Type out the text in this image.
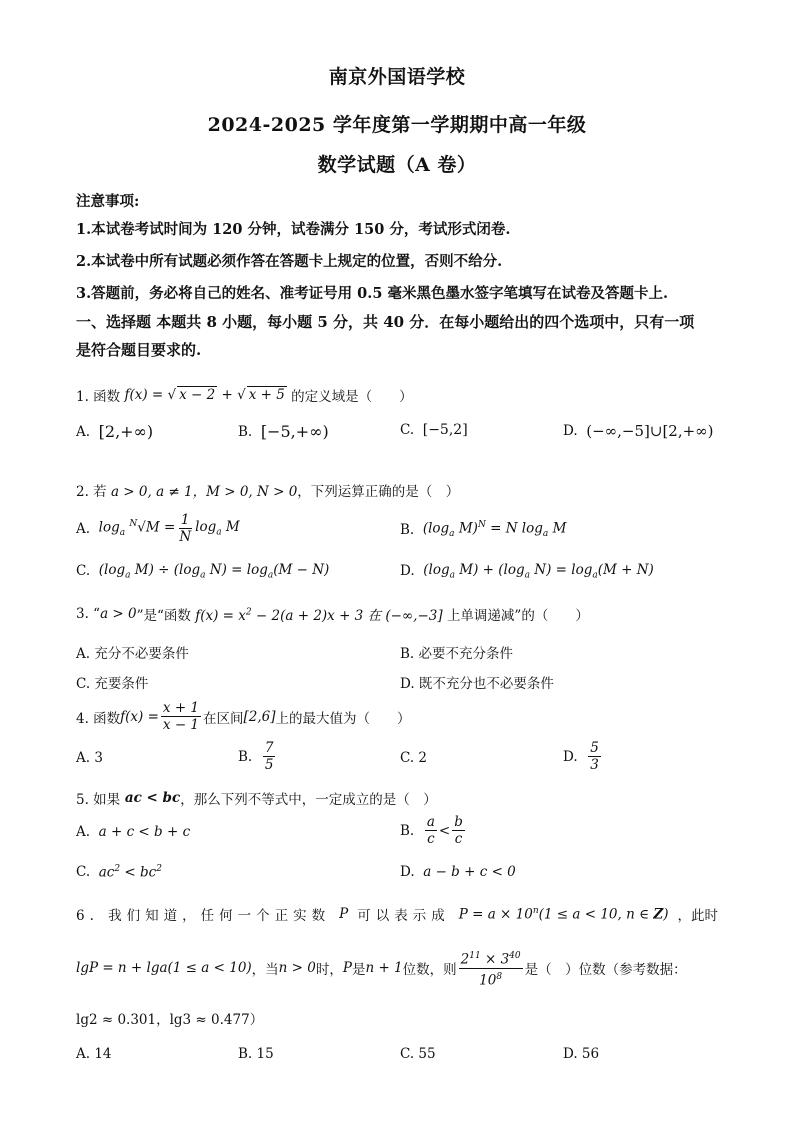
南京外国语学校
2024-2025 学年度第一学期期中高一年级
数学试题（A 卷）
注意事项:
1.本试卷考试时间为 120 分钟，试卷满分 150 分，考试形式闭卷.
2.本试卷中所有试题必须作答在答题卡上规定的位置，否则不给分.
3.答题前，务必将自己的姓名、准考证号用 0.5 毫米黑色墨水签字笔填写在试卷及答题卡上.
一、选择题 本题共 8 小题，每小题 5 分，共 40 分．在每小题给出的四个选项中，只有一项
是符合题目要求的.
1. 函数 f(x) = √ x − 2 + √ x + 5 的定义域是（　　）
A.
[2,+∞)	B.
[−5,+∞)	C.
[−5,2]	D.
(−∞,−5]∪[2,+∞)
2. 若 a > 0, a ≠ 1，M > 0, N > 0 ，下列运算正确的是（　）
A.
$\log_a ^N√M = \frac{1}{N} \log_a M$	B.
($\log_a$ M)$^N$ = N $\log_a M$
C.
($\log_a$ $M) \div (\log_a$ $N) = \log_a(M - N)$	D.
($\log_a$ $M) + (\log_a$ $N) = \log_a(M + N)$
3. “ a > 0 ”是“函数 $f(x) = x^2 - 2(a + 2)x + 3$ 在 (−∞,−3] 上单调递减”的（　　）
A. 充分不必要条件	B. 必要不充分条件
C. 充要条件	D. 既不充分也不必要条件
4. 函数 $f(x) = \frac{x + 1}{x - 1}$ 在区间 [2,6] 上的最大值为（　　）
A. 3	B.
$\frac{7}{5}$	C. 2	D.
$\frac{5}{3}$
5. 如果 ac < bc ，那么下列不等式中，一定成立的是（　）
A.
a + c < b + c	B.
$\frac{a}{c} < \frac{b}{c}$
C.
$ac^2 < bc^2$	D.
a − b + c < 0
6. 我们知道，任何一个正实数 P 可以表示成 $P = a \times 10^n(1 \le a < 10$, n ∈ Z) ，此时
lgP = n + lga(1 ≤ a < 10) ，当 n > 0 时， P 是 n + 1 位数，则 $\frac{2^{11} \times 3^{40}}{10^8}$ 是（　）位数（参考数据：
lg2 ≈ 0.301，lg3 ≈ 0.477 ）
A. 14	B. 15	C. 55	D. 56
